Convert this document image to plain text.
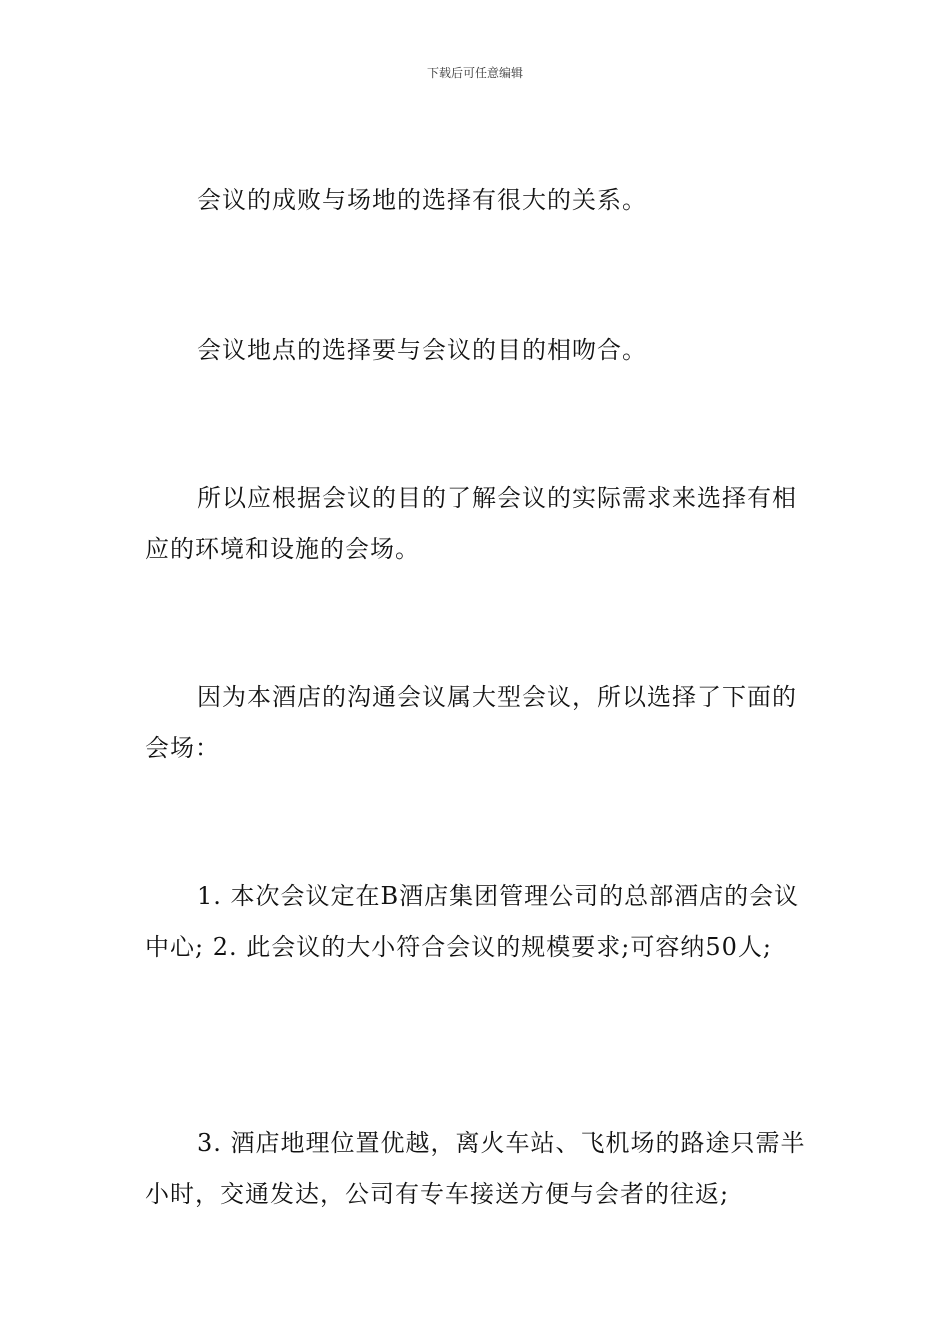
下载后可任意编辑

会议的成败与场地的选择有很大的关系。

会议地点的选择要与会议的目的相吻合。

所以应根据会议的目的了解会议的实际需求来选择有相应的环境和设施的会场。

因为本酒店的沟通会议属大型会议，所以选择了下面的会场：

1. 本次会议定在B酒店集团管理公司的总部酒店的会议中心; 2. 此会议的大小符合会议的规模要求;可容纳50人;

3. 酒店地理位置优越，离火车站、飞机场的路途只需半小时，交通发达，公司有专车接送方便与会者的往返;
